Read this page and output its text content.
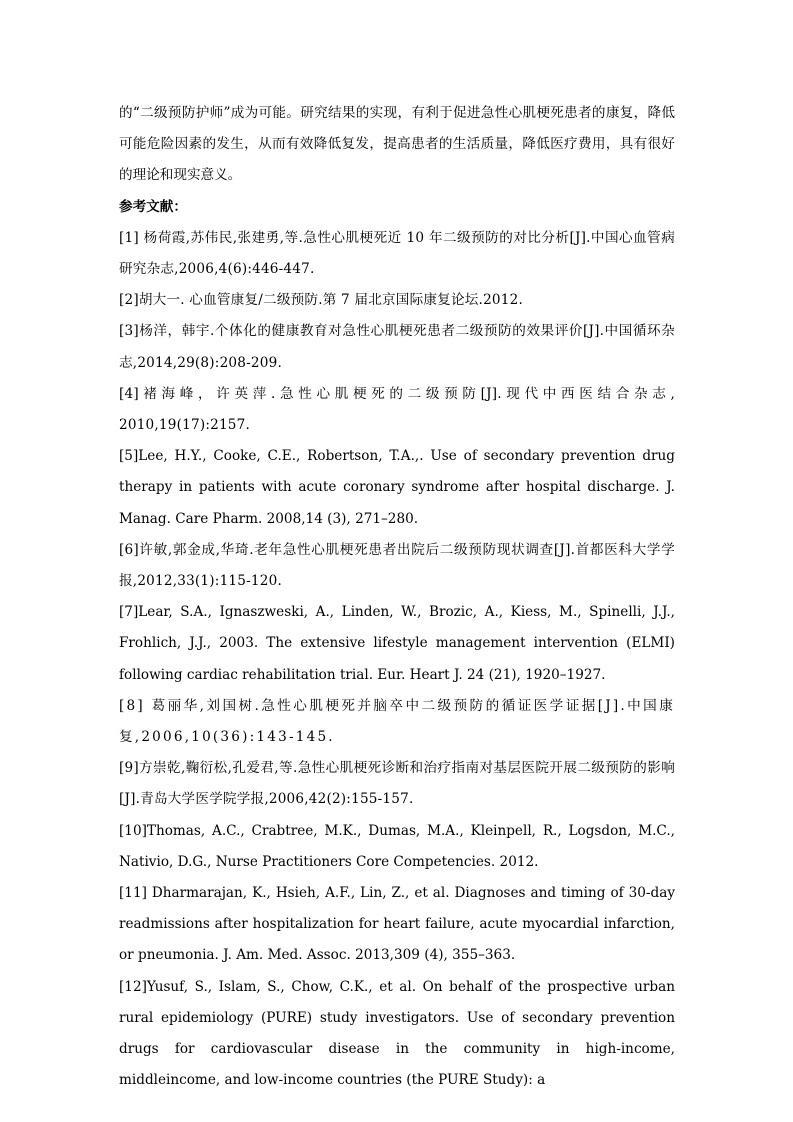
的“二级预防护师”成为可能。研究结果的实现，有利于促进急性心肌梗死患者的康复，降低可能危险因素的发生，从而有效降低复发，提高患者的生活质量，降低医疗费用，具有很好的理论和现实意义。

参考文献：

[1] 杨荷霞,苏伟民,张建勇,等.急性心肌梗死近 10 年二级预防的对比分析[J].中国心血管病研究杂志,2006,4(6):446-447.

[2]胡大一. 心血管康复/二级预防.第 7 届北京国际康复论坛.2012.

[3]杨洋，韩宇.个体化的健康教育对急性心肌梗死患者二级预防的效果评价[J].中国循环杂志,2014,29(8):208-209.

[4]褚海峰，许英萍.急性心肌梗死的二级预防[J].现代中西医结合杂志, 2010,19(17):2157.

[5]Lee, H.Y., Cooke, C.E., Robertson, T.A.,. Use of secondary prevention drug therapy in patients with acute coronary syndrome after hospital discharge. J. Manag. Care Pharm. 2008,14 (3), 271–280.

[6]许敏,郭金成,华琦.老年急性心肌梗死患者出院后二级预防现状调查[J].首都医科大学学报,2012,33(1):115-120.

[7]Lear, S.A., Ignaszweski, A., Linden, W., Brozic, A., Kiess, M., Spinelli, J.J., Frohlich, J.J., 2003. The extensive lifestyle management intervention (ELMI) following cardiac rehabilitation trial. Eur. Heart J. 24 (21), 1920–1927.

[8] 葛丽华,刘国树.急性心肌梗死并脑卒中二级预防的循证医学证据[J].中国康复,2006,10(36):143-145.

[9]方崇乾,鞠衍松,孔爱君,等.急性心肌梗死诊断和治疗指南对基层医院开展二级预防的影响[J].青岛大学医学院学报,2006,42(2):155-157.

[10]Thomas, A.C., Crabtree, M.K., Dumas, M.A., Kleinpell, R., Logsdon, M.C., Nativio, D.G., Nurse Practitioners Core Competencies. 2012.

[11] Dharmarajan, K., Hsieh, A.F., Lin, Z., et al. Diagnoses and timing of 30-day readmissions after hospitalization for heart failure, acute myocardial infarction, or pneumonia. J. Am. Med. Assoc. 2013,309 (4), 355–363.

[12]Yusuf, S., Islam, S., Chow, C.K., et al. On behalf of the prospective urban rural epidemiology (PURE) study investigators. Use of secondary prevention drugs for cardiovascular disease in the community in high-income, middleincome, and low-income countries (the PURE Study): a
